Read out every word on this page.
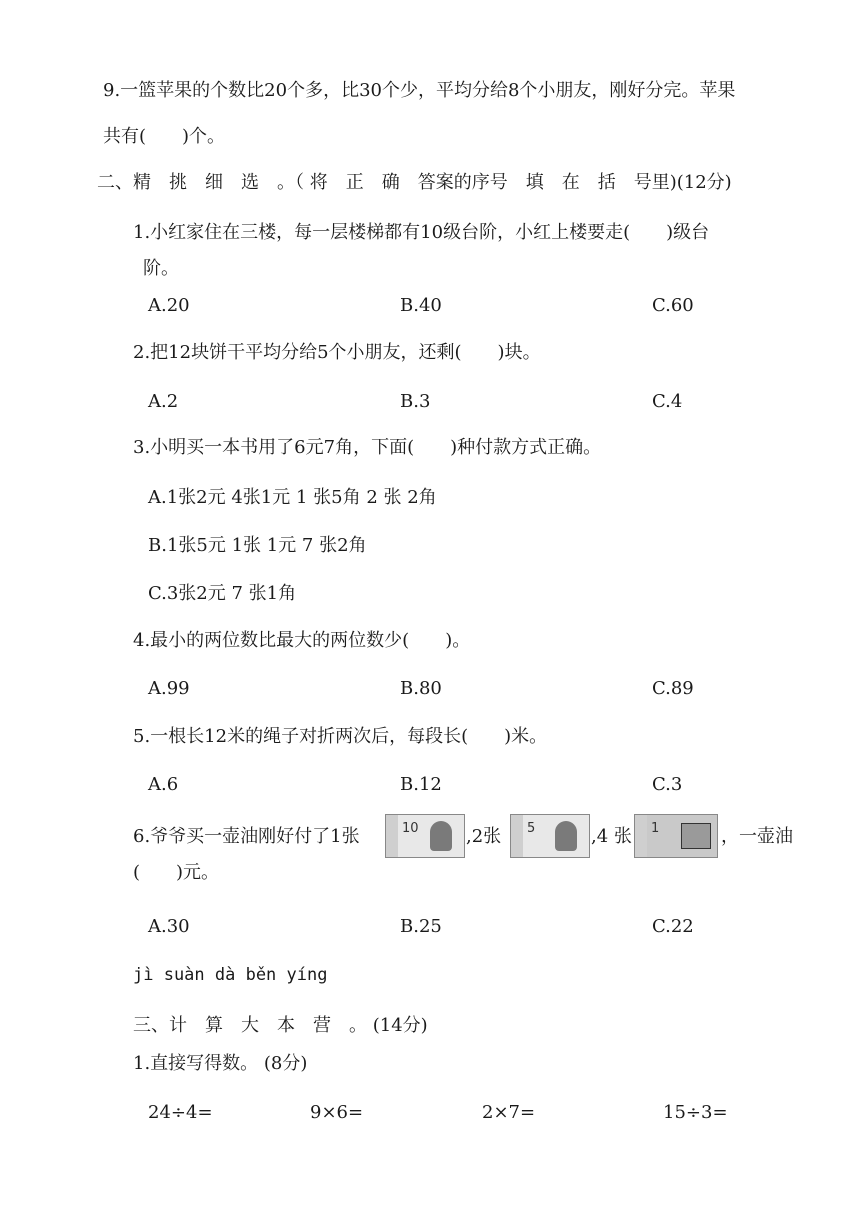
9.一篮苹果的个数比20个多，比30个少，平均分给8个小朋友，刚好分完。苹果
共有(　　)个。
二、精　挑　细　选　。（ 将　正　确　答案的序号　填　在　括　号里)(12分)
1.小红家住在三楼，每一层楼梯都有10级台阶，小红上楼要走(　　)级台
阶。
A.20	B.40	C.60
2.把12块饼干平均分给5个小朋友，还剩(　　)块。
A.2	B.3	C.4
3.小明买一本书用了6元7角，下面(　　)种付款方式正确。
A.1张2元 4张1元 1 张5角 2 张 2角
B.1张5元 1张 1元 7 张2角
C.3张2元 7 张1角
4.最小的两位数比最大的两位数少(　　)。
A.99	B.80	C.89
5.一根长12米的绳子对折两次后，每段长(　　)米。
A.6	B.12	C.3
6.爷爷买一壶油刚好付了1张	10	,2张 5	,4 张 1	，一壶油
(　　)元。
A.30	B.25	C.22
jì suàn dà běn yíng
三、计　算　大　本　营　。 (14分)
1.直接写得数。 (8分)
24÷4=	9×6=	2×7=	15÷3=
